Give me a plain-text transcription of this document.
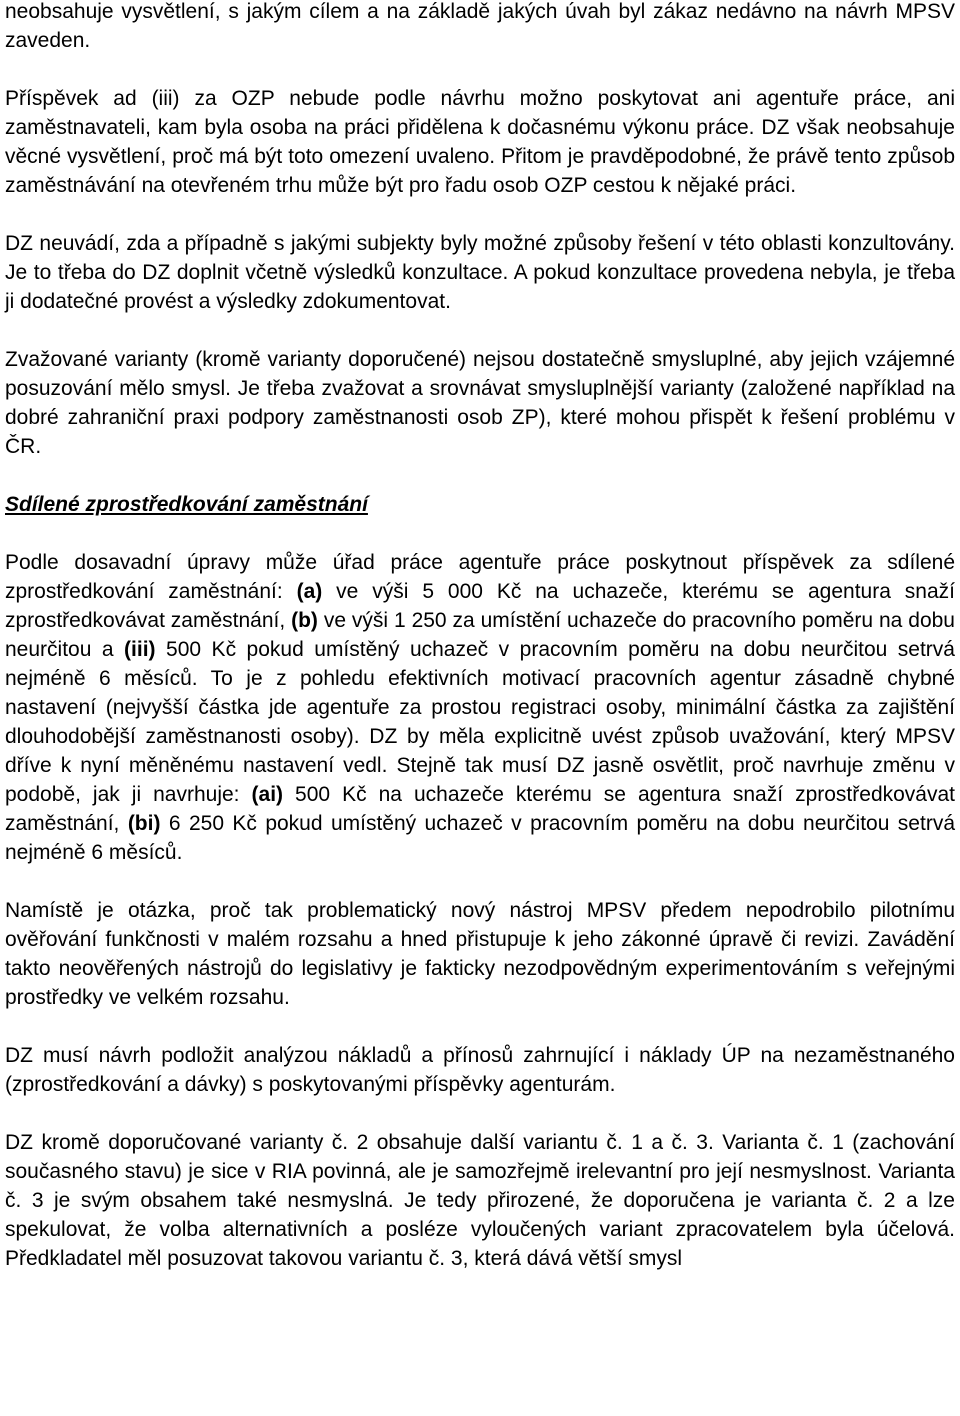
neobsahuje vysvětlení, s jakým cílem a na základě jakých úvah byl zákaz nedávno na návrh MPSV zaveden.

Příspěvek ad (iii) za OZP nebude podle návrhu možno poskytovat ani agentuře práce, ani zaměstnavateli, kam byla osoba na práci přidělena k dočasnému výkonu práce. DZ však neobsahuje věcné vysvětlení, proč má být toto omezení uvaleno. Přitom je pravděpodobné, že právě tento způsob zaměstnávání na otevřeném trhu může být pro řadu osob OZP cestou k nějaké práci.

DZ neuvádí, zda a případně s jakými subjekty byly možné způsoby řešení v této oblasti konzultovány. Je to třeba do DZ doplnit včetně výsledků konzultace. A pokud konzultace provedena nebyla, je třeba ji dodatečné provést a výsledky zdokumentovat.

Zvažované varianty (kromě varianty doporučené) nejsou dostatečně smysluplné, aby jejich vzájemné posuzování mělo smysl. Je třeba zvažovat a srovnávat smysluplnější varianty (založené například na dobré zahraniční praxi podpory zaměstnanosti osob ZP), které mohou přispět k řešení problému v ČR.

Sdílené zprostředkování zaměstnání

Podle dosavadní úpravy může úřad práce agentuře práce poskytnout příspěvek za sdílené zprostředkování zaměstnání: (a) ve výši 5 000 Kč na uchazeče, kterému se agentura snaží zprostředkovávat zaměstnání, (b) ve výši 1 250 za umístění uchazeče do pracovního poměru na dobu neurčitou a (iii) 500 Kč pokud umístěný uchazeč v pracovním poměru na dobu neurčitou setrvá nejméně 6 měsíců. To je z pohledu efektivních motivací pracovních agentur zásadně chybné nastavení (nejvyšší částka jde agentuře za prostou registraci osoby, minimální částka za zajištění dlouhodobější zaměstnanosti osoby). DZ by měla explicitně uvést způsob uvažování, který MPSV dříve k nyní měněnému nastavení vedl. Stejně tak musí DZ jasně osvětlit, proč navrhuje změnu v podobě, jak ji navrhuje: (ai) 500 Kč na uchazeče kterému se agentura snaží zprostředkovávat zaměstnání, (bi) 6 250 Kč pokud umístěný uchazeč v pracovním poměru na dobu neurčitou setrvá nejméně 6 měsíců.

Namístě je otázka, proč tak problematický nový nástroj MPSV předem nepodrobilo pilotnímu ověřování funkčnosti v malém rozsahu a hned přistupuje k jeho zákonné úpravě či revizi. Zavádění takto neověřených nástrojů do legislativy je fakticky nezodpovědným experimentováním s veřejnými prostředky ve velkém rozsahu.

DZ musí návrh podložit analýzou nákladů a přínosů zahrnující i náklady ÚP na nezaměstnaného (zprostředkování a dávky) s poskytovanými příspěvky agenturám.

DZ kromě doporučované varianty č. 2 obsahuje další variantu č. 1 a č. 3. Varianta č. 1 (zachování současného stavu) je sice v RIA povinná, ale je samozřejmě irelevantní pro její nesmyslnost. Varianta č. 3 je svým obsahem také nesmyslná. Je tedy přirozené, že doporučena je varianta č. 2 a lze spekulovat, že volba alternativních a posléze vyloučených variant zpracovatelem byla účelová. Předkladatel měl posuzovat takovou variantu č. 3, která dává větší smysl
